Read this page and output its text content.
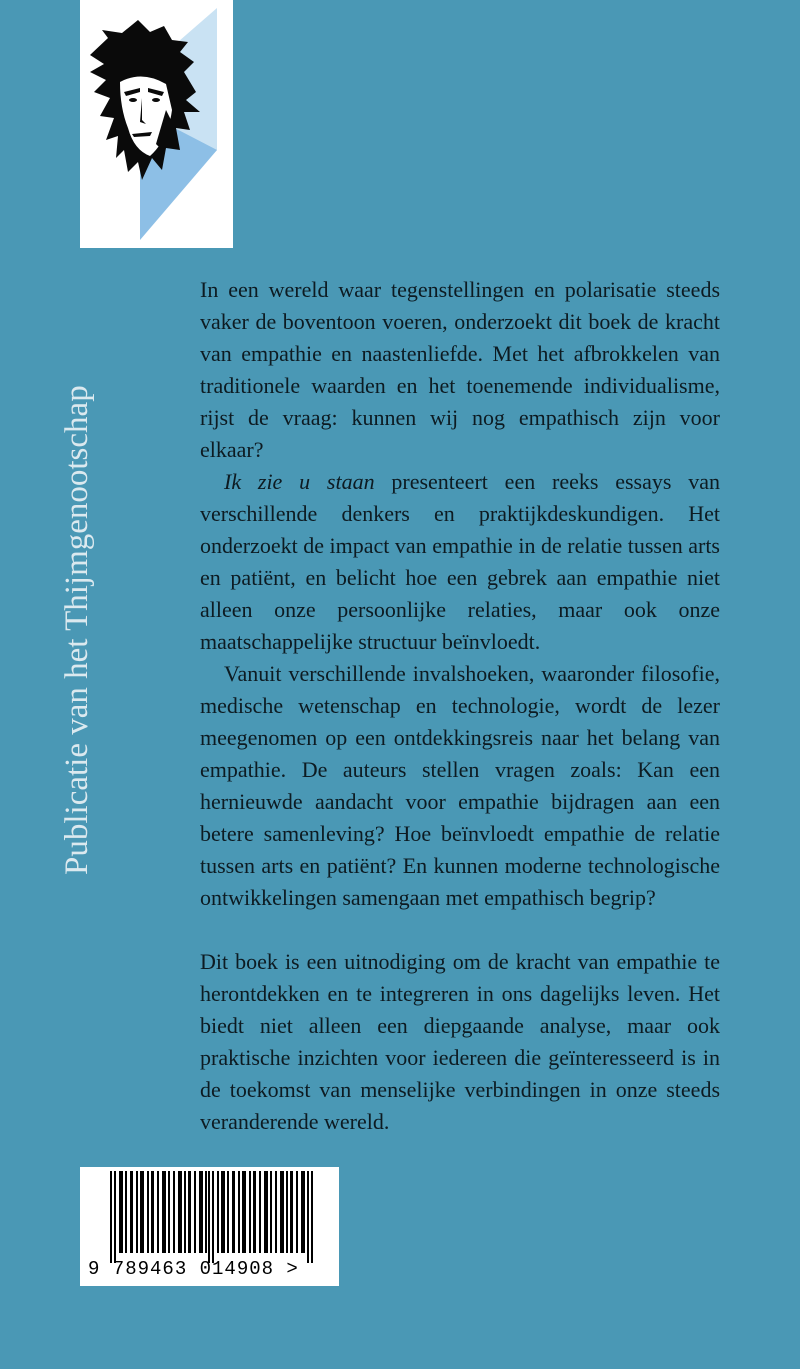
Publicatie van het Thijmgenootschap

In een wereld waar tegenstellingen en polarisatie steeds vaker de boventoon voeren, onderzoekt dit boek de kracht van empathie en naastenliefde. Met het afbrokkelen van traditionele waarden en het toenemende individualisme, rijst de vraag: kunnen wij nog empathisch zijn voor elkaar?

Ik zie u staan presenteert een reeks essays van verschillende denkers en praktijkdeskundigen. Het onderzoekt de impact van empathie in de relatie tussen arts en patiënt, en belicht hoe een gebrek aan empathie niet alleen onze persoonlijke relaties, maar ook onze maatschappelijke structuur beïnvloedt.

Vanuit verschillende invalshoeken, waaronder filosofie, medische wetenschap en technologie, wordt de lezer meegenomen op een ontdekkingsreis naar het belang van empathie. De auteurs stellen vragen zoals: Kan een hernieuwde aandacht voor empathie bijdragen aan een betere samenleving? Hoe beïnvloedt empathie de relatie tussen arts en patiënt? En kunnen moderne technologische ontwikkelingen samengaan met empathisch begrip?

Dit boek is een uitnodiging om de kracht van empathie te herontdekken en te integreren in ons dagelijks leven. Het biedt niet alleen een diepgaande analyse, maar ook praktische inzichten voor iedereen die geïnteresseerd is in de toekomst van menselijke verbindingen in onze steeds veranderende wereld.

9 789463 014908 >
